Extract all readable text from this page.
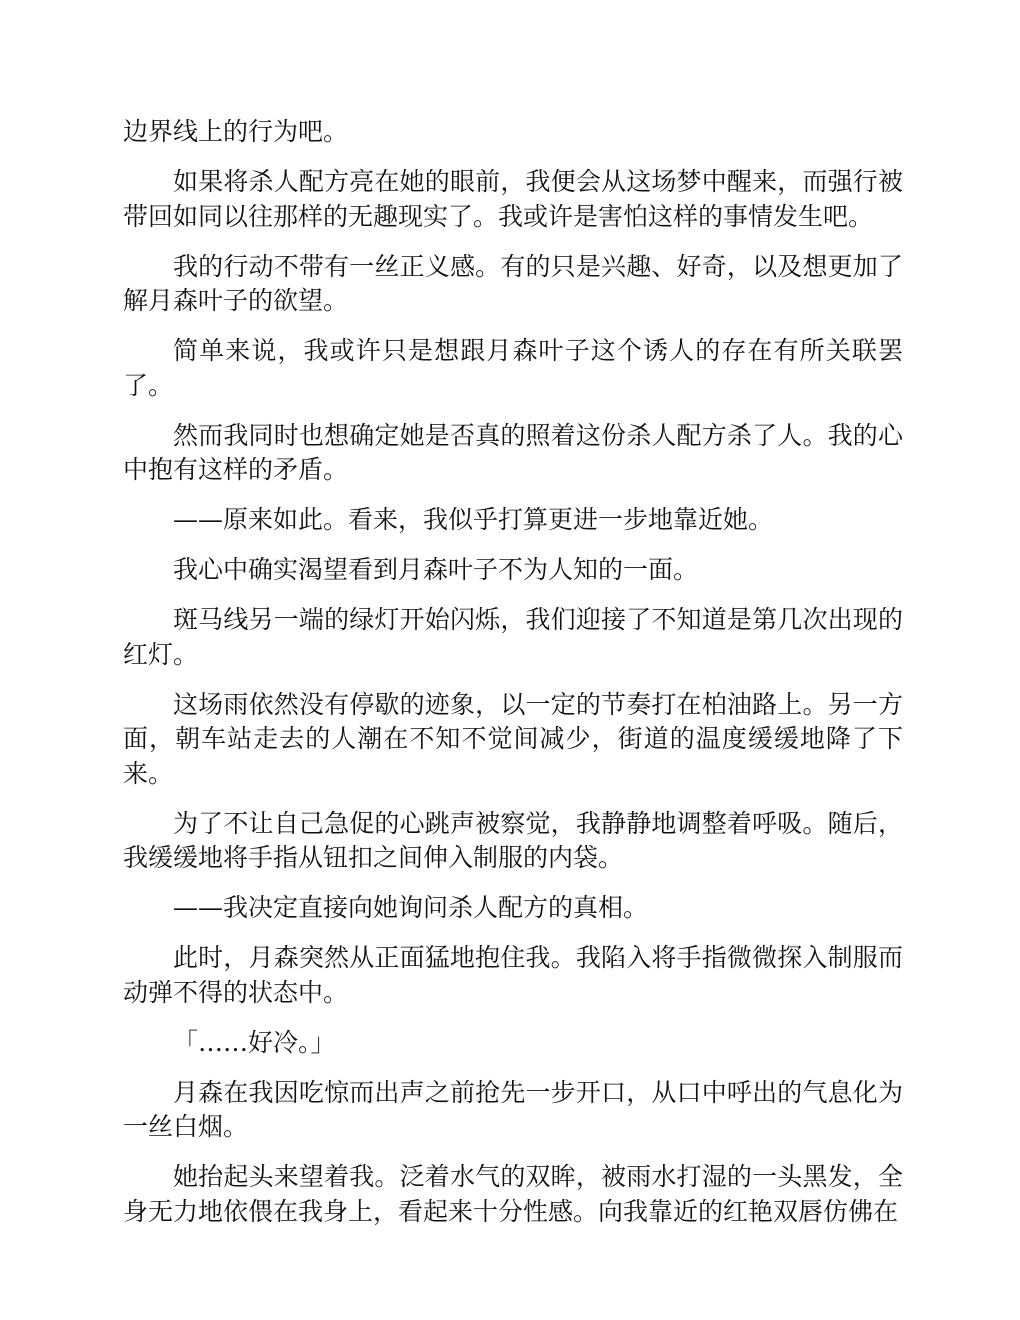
边界线上的行为吧。

如果将杀人配方亮在她的眼前，我便会从这场梦中醒来，而强行被带回如同以往那样的无趣现实了。我或许是害怕这样的事情发生吧。

我的行动不带有一丝正义感。有的只是兴趣、好奇，以及想更加了解月森叶子的欲望。

简单来说，我或许只是想跟月森叶子这个诱人的存在有所关联罢了。

然而我同时也想确定她是否真的照着这份杀人配方杀了人。我的心中抱有这样的矛盾。

——原来如此。看来，我似乎打算更进一步地靠近她。

我心中确实渴望看到月森叶子不为人知的一面。

斑马线另一端的绿灯开始闪烁，我们迎接了不知道是第几次出现的红灯。

这场雨依然没有停歇的迹象，以一定的节奏打在柏油路上。另一方面，朝车站走去的人潮在不知不觉间减少，街道的温度缓缓地降了下来。

为了不让自己急促的心跳声被察觉，我静静地调整着呼吸。随后，我缓缓地将手指从钮扣之间伸入制服的内袋。

——我决定直接向她询问杀人配方的真相。

此时，月森突然从正面猛地抱住我。我陷入将手指微微探入制服而动弹不得的状态中。

「……好冷。」

月森在我因吃惊而出声之前抢先一步开口，从口中呼出的气息化为一丝白烟。

她抬起头来望着我。泛着水气的双眸，被雨水打湿的一头黑发，全身无力地依偎在我身上，看起来十分性感。向我靠近的红艳双唇仿佛在
